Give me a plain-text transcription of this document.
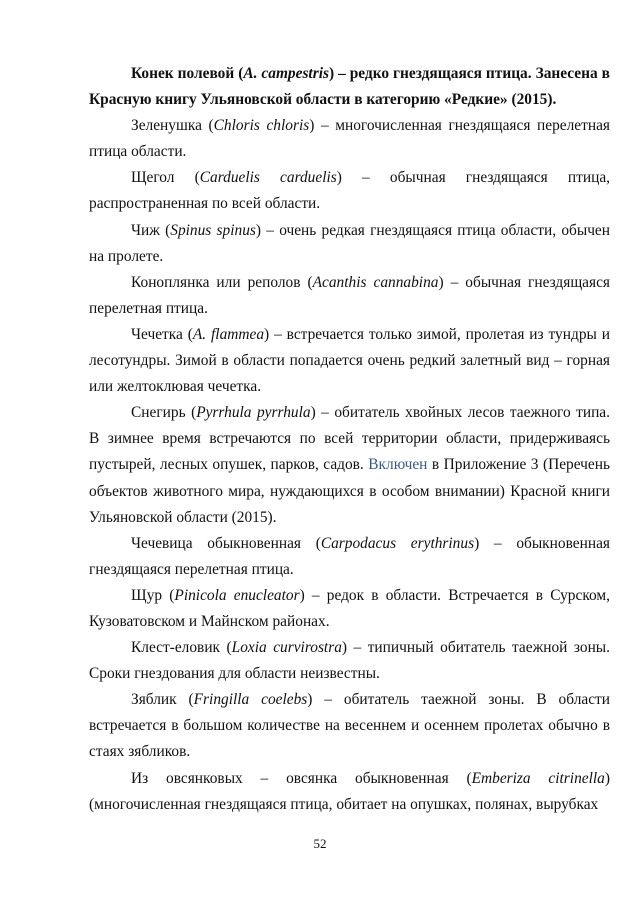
Конек полевой (A. campestris) – редко гнездящаяся птица. Занесена в Красную книгу Ульяновской области в категорию «Редкие» (2015).

Зеленушка (Chloris chloris) – многочисленная гнездящаяся перелетная птица области.

Щегол (Carduelis carduelis) – обычная гнездящаяся птица, распространенная по всей области.

Чиж (Spinus spinus) – очень редкая гнездящаяся птица области, обычен на пролете.

Коноплянка или реполов (Acanthis cannabina) – обычная гнездящаяся перелетная птица.

Чечетка (A. flammea) – встречается только зимой, пролетая из тундры и лесотундры. Зимой в области попадается очень редкий залетный вид – горная или желтоклювая чечетка.

Снегирь (Pyrrhula pyrrhula) – обитатель хвойных лесов таежного типа. В зимнее время встречаются по всей территории области, придерживаясь пустырей, лесных опушек, парков, садов. Включен в Приложение 3 (Перечень объектов животного мира, нуждающихся в особом внимании) Красной книги Ульяновской области (2015).

Чечевица обыкновенная (Carpodacus erythrinus) – обыкновенная гнездящаяся перелетная птица.

Щур (Pinicola enucleator) – редок в области. Встречается в Сурском, Кузоватовском и Майнском районах.

Клест-еловик (Loxia curvirostra) – типичный обитатель таежной зоны. Сроки гнездования для области неизвестны.

Зяблик (Fringilla coelebs) – обитатель таежной зоны. В области встречается в большом количестве на весеннем и осеннем пролетах обычно в стаях зябликов.

Из овсянковых – овсянка обыкновенная (Emberiza citrinella) (многочисленная гнездящаяся птица, обитает на опушках, полянах, вырубках

52
